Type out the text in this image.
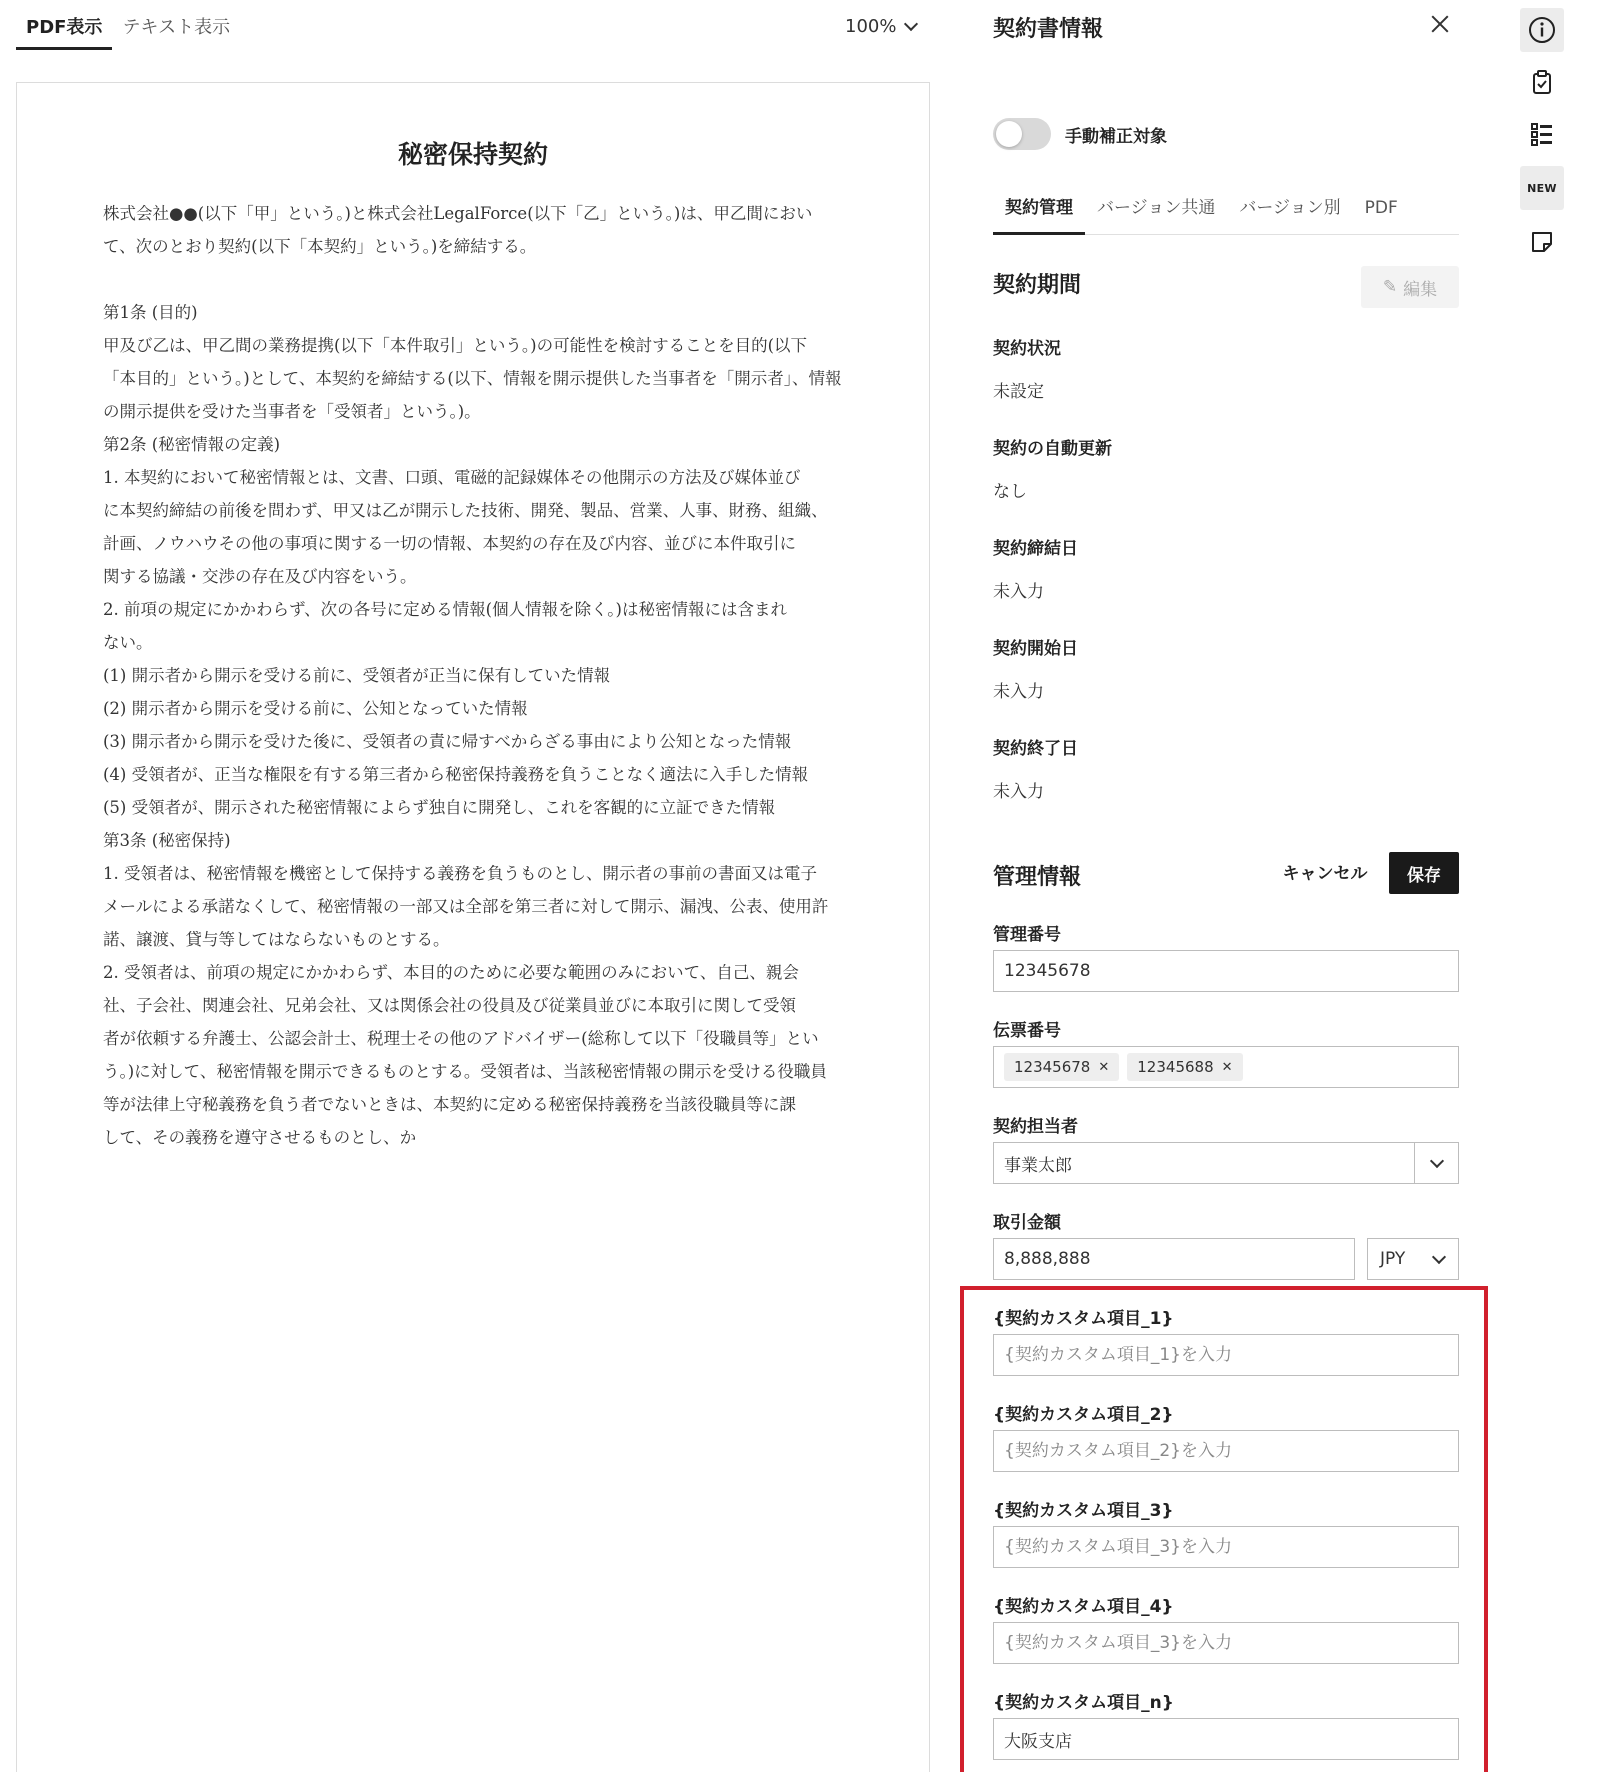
PDF表示	テキスト表示	100%
秘密保持契約
株式会社●●(以下「甲」という。)と株式会社LegalForce(以下「乙」という。)は、甲乙間におい
て、次のとおり契約(以下「本契約」という。)を締結する。
第1条 (目的)
甲及び乙は、甲乙間の業務提携(以下「本件取引」という。)の可能性を検討することを目的(以下
「本目的」という。)として、本契約を締結する(以下、情報を開示提供した当事者を「開示者」、情報
の開示提供を受けた当事者を「受領者」という。)。
第2条 (秘密情報の定義)
1. 本契約において秘密情報とは、文書、口頭、電磁的記録媒体その他開示の方法及び媒体並び
に本契約締結の前後を問わず、甲又は乙が開示した技術、開発、製品、営業、人事、財務、組織、
計画、ノウハウその他の事項に関する一切の情報、本契約の存在及び内容、並びに本件取引に
関する協議・交渉の存在及び内容をいう。
2. 前項の規定にかかわらず、次の各号に定める情報(個人情報を除く。)は秘密情報には含まれ
ない。
(1) 開示者から開示を受ける前に、受領者が正当に保有していた情報
(2) 開示者から開示を受ける前に、公知となっていた情報
(3) 開示者から開示を受けた後に、受領者の責に帰すべからざる事由により公知となった情報
(4) 受領者が、正当な権限を有する第三者から秘密保持義務を負うことなく適法に入手した情報
(5) 受領者が、開示された秘密情報によらず独自に開発し、これを客観的に立証できた情報
第3条 (秘密保持)
1. 受領者は、秘密情報を機密として保持する義務を負うものとし、開示者の事前の書面又は電子
メールによる承諾なくして、秘密情報の一部又は全部を第三者に対して開示、漏洩、公表、使用許
諾、譲渡、貸与等してはならないものとする。
2. 受領者は、前項の規定にかかわらず、本目的のために必要な範囲のみにおいて、自己、親会
社、子会社、関連会社、兄弟会社、又は関係会社の役員及び従業員並びに本取引に関して受領
者が依頼する弁護士、公認会計士、税理士その他のアドバイザー(総称して以下「役職員等」とい
う。)に対して、秘密情報を開示できるものとする。受領者は、当該秘密情報の開示を受ける役職員
等が法律上守秘義務を負う者でないときは、本契約に定める秘密保持義務を当該役職員等に課
して、その義務を遵守させるものとし、か
契約書情報
手動補正対象
契約管理	バージョン共通	バージョン別	PDF
契約期間	✎ 編集
契約状況
未設定
契約の自動更新
なし
契約締結日
未入力
契約開始日
未入力
契約終了日
未入力
管理情報	キャンセル	保存
管理番号
12345678
伝票番号
12345678 ✕ 12345688 ✕
契約担当者
事業太郎
取引金額
8,888,888
JPY
{契約カスタム項目_1}
{契約カスタム項目_1}を入力
{契約カスタム項目_2}
{契約カスタム項目_2}を入力
{契約カスタム項目_3}
{契約カスタム項目_3}を入力
{契約カスタム項目_4}
{契約カスタム項目_3}を入力
{契約カスタム項目_n}
大阪支店
NEW
